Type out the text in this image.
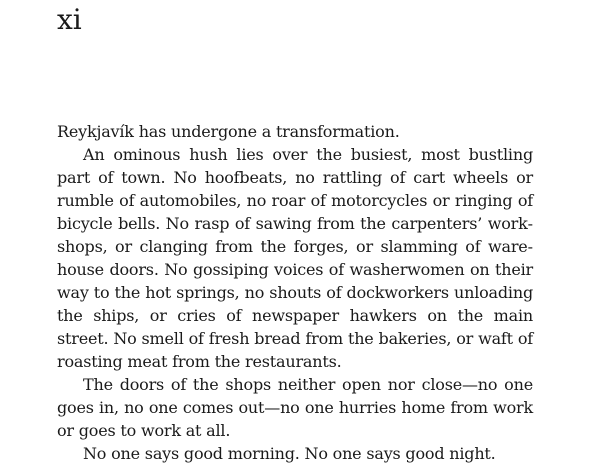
xi

Reykjavík has undergone a transformation.

An ominous hush lies over the busiest, most bustling part of town. No hoofbeats, no rattling of cart wheels or rumble of automobiles, no roar of motorcycles or ringing of bicycle bells. No rasp of sawing from the carpenters’ workshops, or clanging from the forges, or slamming of warehouse doors. No gossiping voices of washerwomen on their way to the hot springs, no shouts of dockworkers unloading the ships, or cries of newspaper hawkers on the main street. No smell of fresh bread from the bakeries, or waft of roasting meat from the restaurants.

The doors of the shops neither open nor close—no one goes in, no one comes out—no one hurries home from work or goes to work at all.

No one says good morning. No one says good night.
